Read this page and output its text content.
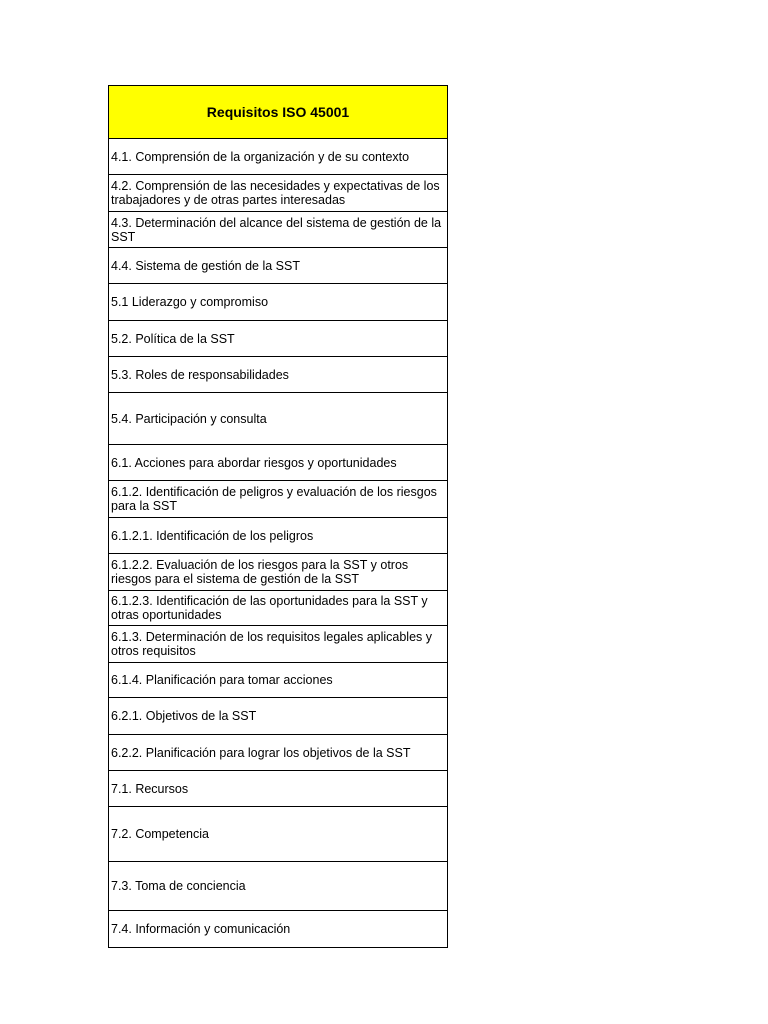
Requisitos ISO 45001
4.1. Comprensión de la organización y de su contexto
4.2. Comprensión de las necesidades y expectativas de los trabajadores y de otras partes interesadas
4.3. Determinación del alcance del sistema de gestión de la SST
4.4. Sistema de gestión de la SST
5.1 Liderazgo y compromiso
5.2. Política de la SST
5.3. Roles de responsabilidades
5.4. Participación y consulta
6.1. Acciones para abordar riesgos y oportunidades
6.1.2. Identificación de peligros y evaluación de los riesgos para la SST
6.1.2.1. Identificación de los peligros
6.1.2.2. Evaluación de los riesgos para la SST y otros riesgos para el sistema de gestión de la SST
6.1.2.3. Identificación de las oportunidades para la SST y otras oportunidades
6.1.3. Determinación de los requisitos legales aplicables y otros requisitos
6.1.4. Planificación para tomar acciones
6.2.1. Objetivos de la SST
6.2.2. Planificación para lograr los objetivos de la SST
7.1. Recursos
7.2. Competencia
7.3. Toma de conciencia
7.4. Información y comunicación
